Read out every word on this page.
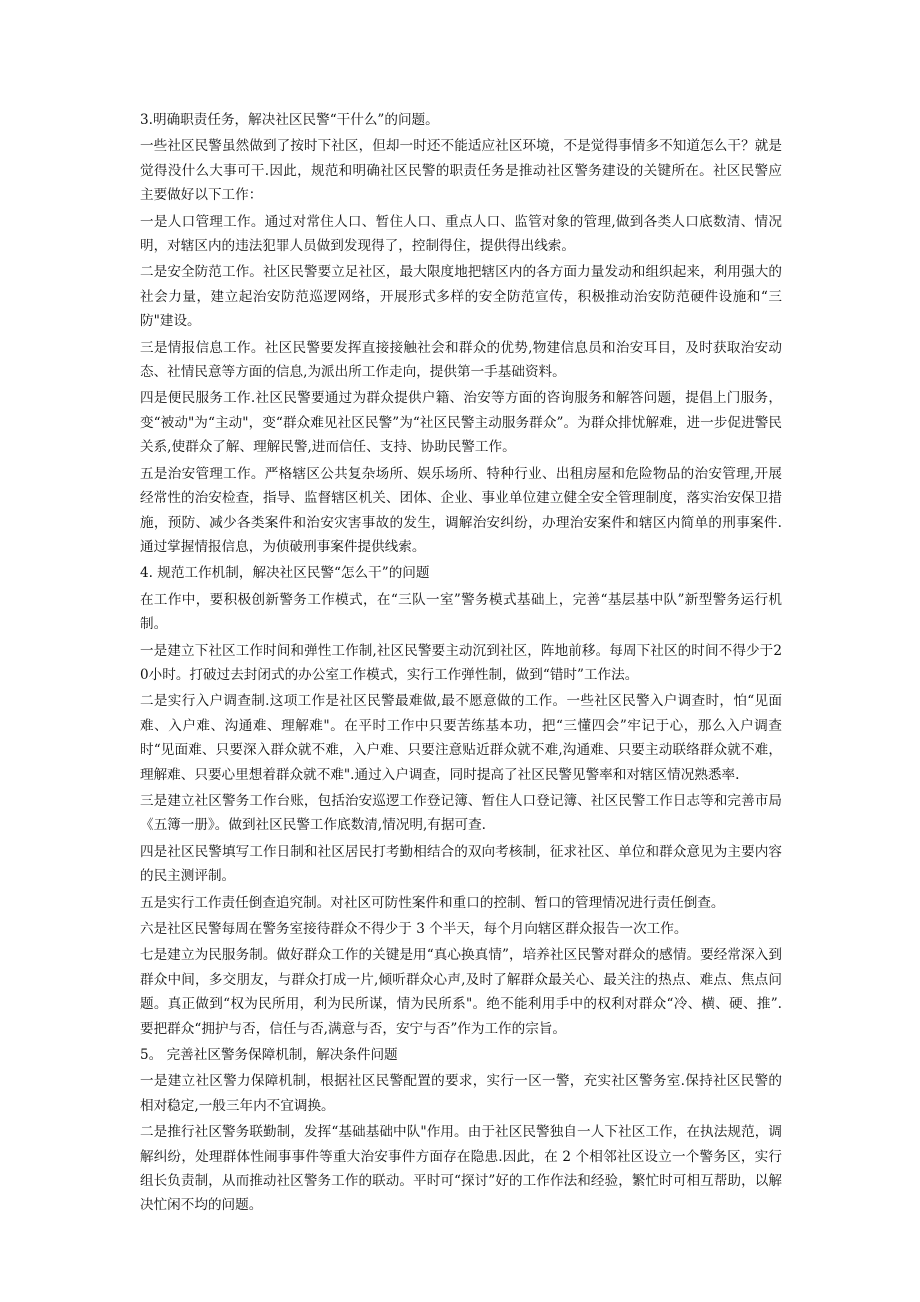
3.明确职责任务，解决社区民警“干什么”的问题。

一些社区民警虽然做到了按时下社区，但却一时还不能适应社区环境，不是觉得事情多不知道怎么干？就是觉得没什么大事可干.因此，规范和明确社区民警的职责任务是推动社区警务建设的关键所在。社区民警应主要做好以下工作：

一是人口管理工作。通过对常住人口、暂住人口、重点人口、监管对象的管理,做到各类人口底数清、情况明，对辖区内的违法犯罪人员做到发现得了，控制得住，提供得出线索。

二是安全防范工作。社区民警要立足社区，最大限度地把辖区内的各方面力量发动和组织起来，利用强大的社会力量，建立起治安防范巡逻网络，开展形式多样的安全防范宣传，积极推动治安防范硬件设施和“三防"建设。

三是情报信息工作。社区民警要发挥直接接触社会和群众的优势,物建信息员和治安耳目，及时获取治安动态、社情民意等方面的信息,为派出所工作走向，提供第一手基础资料。

四是便民服务工作.社区民警要通过为群众提供户籍、治安等方面的咨询服务和解答问题，提倡上门服务，变“被动"为“主动"，变“群众难见社区民警”为“社区民警主动服务群众”。为群众排忧解难，进一步促进警民关系,使群众了解、理解民警,进而信任、支持、协助民警工作。

五是治安管理工作。严格辖区公共复杂场所、娱乐场所、特种行业、出租房屋和危险物品的治安管理,开展经常性的治安检查，指导、监督辖区机关、团体、企业、事业单位建立健全安全管理制度，落实治安保卫措施，预防、减少各类案件和治安灾害事故的发生，调解治安纠纷，办理治安案件和辖区内简单的刑事案件.通过掌握情报信息，为侦破刑事案件提供线索。

4. 规范工作机制，解决社区民警“怎么干”的问题

在工作中，要积极创新警务工作模式，在“三队一室”警务模式基础上，完善“基层基中队”新型警务运行机制。

一是建立下社区工作时间和弹性工作制,社区民警要主动沉到社区，阵地前移。每周下社区的时间不得少于20小时。打破过去封闭式的办公室工作模式，实行工作弹性制，做到“错时”工作法。

二是实行入户调查制.这项工作是社区民警最难做,最不愿意做的工作。一些社区民警入户调查时，怕“见面难、入户难、沟通难、理解难"。在平时工作中只要苦练基本功，把“三懂四会”牢记于心，那么入户调查时“见面难、只要深入群众就不难，入户难、只要注意贴近群众就不难,沟通难、只要主动联络群众就不难，理解难、只要心里想着群众就不难".通过入户调查，同时提高了社区民警见警率和对辖区情况熟悉率.

三是建立社区警务工作台账，包括治安巡逻工作登记簿、暂住人口登记簿、社区民警工作日志等和完善市局《五簿一册》。做到社区民警工作底数清,情况明,有据可查.

四是社区民警填写工作日制和社区居民打考勤相结合的双向考核制，征求社区、单位和群众意见为主要内容的民主测评制。

五是实行工作责任倒查追究制。对社区可防性案件和重口的控制、暂口的管理情况进行责任倒查。

六是社区民警每周在警务室接待群众不得少于 3 个半天，每个月向辖区群众报告一次工作。

七是建立为民服务制。做好群众工作的关键是用“真心换真情”，培养社区民警对群众的感情。要经常深入到群众中间，多交朋友，与群众打成一片,倾听群众心声,及时了解群众最关心、最关注的热点、难点、焦点问题。真正做到“权为民所用，利为民所谋，情为民所系"。绝不能利用手中的权利对群众“冷、横、硬、推”.要把群众“拥护与否，信任与否,满意与否，安宁与否”作为工作的宗旨。

5。 完善社区警务保障机制，解决条件问题

一是建立社区警力保障机制，根据社区民警配置的要求，实行一区一警，充实社区警务室.保持社区民警的相对稳定,一般三年内不宜调换。

二是推行社区警务联勤制，发挥“基础基础中队"作用。由于社区民警独自一人下社区工作，在执法规范，调解纠纷，处理群体性闹事事件等重大治安事件方面存在隐患.因此，在 2 个相邻社区设立一个警务区，实行组长负责制，从而推动社区警务工作的联动。平时可“探讨”好的工作作法和经验，繁忙时可相互帮助，以解决忙闲不均的问题。
